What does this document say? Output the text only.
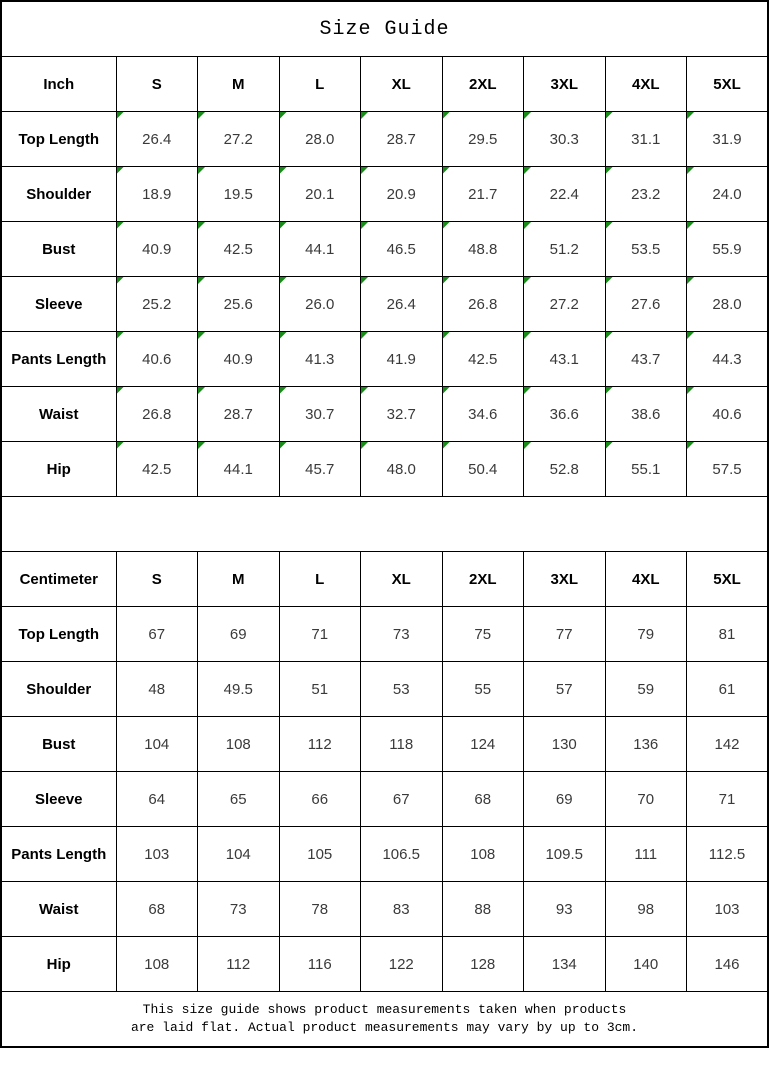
Size Guide								
Inch	S	M	L	XL	2XL	3XL	4XL	5XL
Top Length	26.4	27.2	28.0	28.7	29.5	30.3	31.1	31.9

Shoulder	18.9	19.5	20.1	20.9	21.7	22.4	23.2	24.0

Bust	40.9	42.5	44.1	46.5	48.8	51.2	53.5	55.9

Sleeve	25.2	25.6	26.0	26.4	26.8	27.2	27.6	28.0

Pants Length	40.6	40.9	41.3	41.9	42.5	43.1	43.7	44.3

Waist	26.8	28.7	30.7	32.7	34.6	36.6	38.6	40.6

Hip	42.5	44.1	45.7	48.0	50.4	52.8	55.1	57.5

Centimeter	S	M	L	XL	2XL	3XL	4XL	5XL
Top Length	67	69	71	73	75	77	79	81
Shoulder	48	49.5	51	53	55	57	59	61
Bust	104	108	112	118	124	130	136	142
Sleeve	64	65	66	67	68	69	70	71
Pants Length	103	104	105	106.5	108	109.5	111	112.5
Waist	68	73	78	83	88	93	98	103
Hip	108	112	116	122	128	134	140	146

This size guide shows product measurements taken when products
are laid flat. Actual product measurements may vary by up to 3cm.								
